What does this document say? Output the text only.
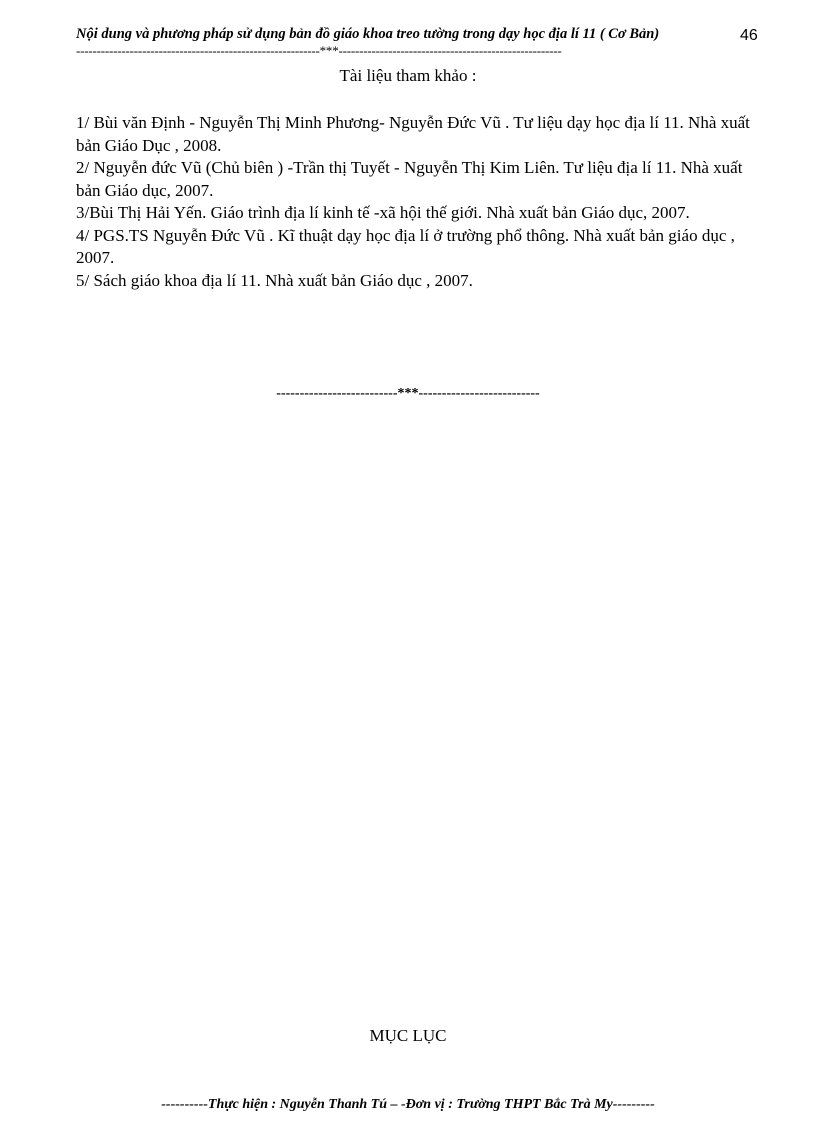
Nội dung và phương pháp sử dụng bản đồ giáo khoa treo tường trong dạy học địa lí 11 ( Cơ Bản)	46
-----------------------------------------------------------***------------------------------------------------------
Tài liệu tham khảo :
1/ Bùi văn Định - Nguyễn Thị Minh Phương- Nguyễn Đức Vũ . Tư liệu dạy học địa lí 11. Nhà xuất bản Giáo Dục , 2008.
2/ Nguyễn đức Vũ (Chủ biên ) -Trần thị Tuyết - Nguyễn Thị Kim Liên. Tư liệu địa lí 11. Nhà xuất bản Giáo dục, 2007.
3/Bùi Thị Hải Yến. Giáo trình địa lí kinh tế -xã hội thế giới. Nhà xuất bản Giáo dục, 2007.
4/ PGS.TS Nguyễn Đức Vũ . Kĩ thuật dạy học địa lí ở trường phổ thông. Nhà xuất bản giáo dục , 2007.
5/ Sách giáo khoa địa lí 11. Nhà xuất bản Giáo dục , 2007.
--------------------------***--------------------------
MỤC LỤC
----------Thực hiện : Nguyễn Thanh Tú – -Đơn vị : Trường THPT Bắc Trà My---------
